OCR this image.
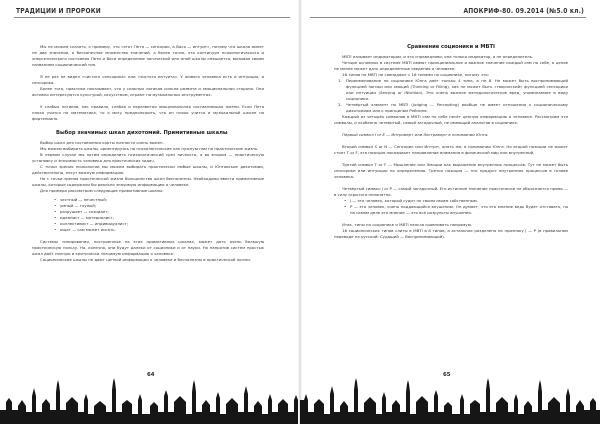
ТРАДИЦИИ И ПРОРОКИ

Мы не можем сказать, к примеру, что «этот Петя — сенсорик, а Вася — интуит», потому что шкала имеет не два значения, а бесконечное множество значений, а более точно, это континуум психологического и энергетического состояния Пети и Васи определение логической или иной шкалы смешается, вызывая своим названием соционический тип.

Я не раз не видел «чистого сенсорика» или «чистого интуита». У живого человека есть и интуиция, и сенсорика.

Более того, практика показывает, что у сильных логиков сильна развита и эмоциональная сторона. Они активно интересуются культурой, искусством, играют на музыкальных инструментах.

У слабых логиков, как правило, слабая и неразвитая эмоциональная составляющая жизни. Если Петя плохо учится по математике, то я могу предположить, что он плохо учится и музыкальной школе на фортепиано.

Выбор значимых шкал дихотомий. Примитивные шкалы

Выбор шкал для составления карты личности очень важен.

Мы можем выбирать шкалы, ориентируясь на психологические как нужную нам на практические жизнь.

В первом случае мы хотим определить психологический срез личности, а во втором — практическую установку и значимость человека для практических задач.

С точки зрения психологии мы можем выбирать практически любые шкалы, и Юнговские дихотомии, действительно, несут важную информацию.

Но с точки зрения практической жизни большинство шкал бесполезны. Необходимо ввести примитивные шкалы, которые содержали бы реально значимую информацию о человеке.

Для примера рассмотрим следующие примитивные шкалы:

• честный — нечестный;
• умный — глупый;
• разрушает — созидает;
• идеалист — материалист;
• коллективист — индивидуалист;
• ищет — сам может искать.

Системы типирования, построенные на этих примитивных шкалах, может дать очень большую практическую пользу. Но, конечно, они будут далеки от соционики и от науки. Но напротив систем простых шкал даёт полную и критически значимую информацию о человеке.

Соционические шкалы не дают ценной информации о человеке и бесполезны в практической жизни.

64
АПОКРИФ-80. 09.2014 (№5.0 кл.)
Сравнение соционики и MBTI

MBTI называет индикатором, и это справедливо; она только индикатор, а не определитель.

Четыре основных в системе MBTI имеют принципиальное и важное значение каждый сам по себе, а целое не менее может дать определённые сведения о человеке.

16 типов по MBTI не совпадают с 16 типами по соционике, потому что:

1. Переименование по соционике Юнга даёт только 4 типа, а не 8. Не может быть воспринимающий функцией логики или эмоций (Thinking or Filling), как не может быть «творческий» функцией сенсорики или интуиции (Sensing or iNtuition). Это очень важное методологическое вред, упоминаемое в виду соционики.
2. Четвёртый элемент по MBTI (Judging — Percepting) вообще не имеет отношения к соционическому дихотомиям или к принципам Рейнина.

Каждый из четырёх символов в MBTI сам по себе несёт ценную информацию о человеке. Рассмотрим эти символы, и особенно четвёртый, самый загадочный, не имеющий аналогов в соционике.

Первый символ I or E — Интроверт или Экстраверт в понимании Юнга.

Второй символ S or N — Сенсорик или Интуит, опять же, в понимании Юнга. Но второй позиции не может стоят T or F, эта позиция показывает направление внимания в физический мир или внутренний.

Третий символ T or F — Мышление или Эмоции как выражение внутренних процессов. Тут не может быть сенсорики или интуиции по определению. Третья позиция — это продукт внутренних процессов в голове человека.

Четвёртый символ J or P — самый загадочный. Его истинное значение практически не объясняется прямо — в силу скрытого непонятно.

• J — это человек, который судит по своим своим собственным.
• P — это человек, очень поддающийся внушению. Он думает, что его мнение ведь будет отставать, но на самом деле его мнение — это всё разрульты внушения.

Итак, типы по соционике и MBTI нельзя сравнивать напрямую.

16 соционических типов слиты в MBTI в 8 типов, а остальное разделено по признаку J — P (в правильном переводе на русский: Судящий — Воспринимающий).

65
